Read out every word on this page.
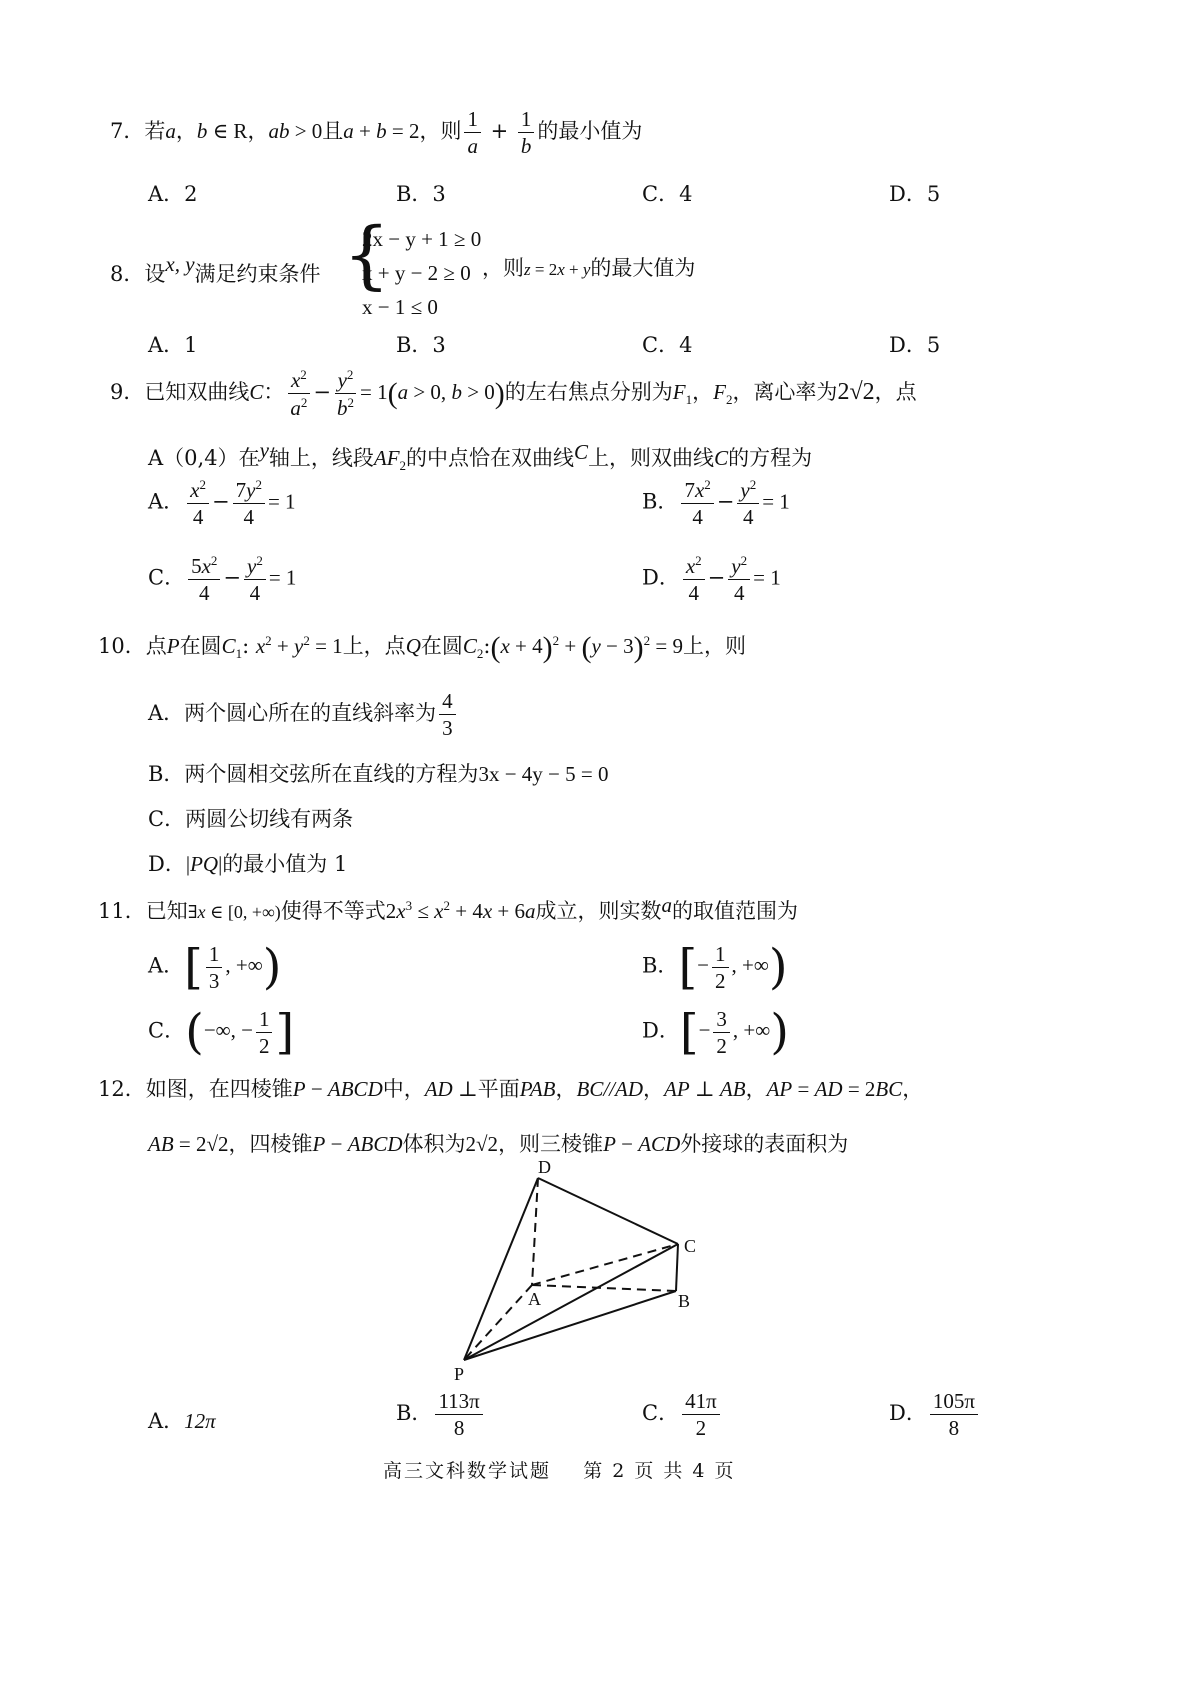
7．若a，b ∈ R，ab > 0且a + b = 2，则 $\frac{1}{a} + \frac{1}{b}$ 的最小值为
A．2	B．3	C．4	D．5
8．设x, y满足约束条件 {
2x − y + 1 ≥ 0
x + y − 2 ≥ 0
x − 1 ≤ 0
，则z = 2x + y的最大值为
A．1	B．3	C．4	D．5
9．已知双曲线C： $\frac{x^2}{a^2} - \frac{y^2}{b^2} = 1(a > 0$, b > 0)的左右焦点分别为$F_1$，$F_2$，离心率为2√2，点
A（0,4）在y轴上，线段$AF_2$的中点恰在双曲线C上，则双曲线C的方程为
A． $\frac{x^2}{4} - \frac{7y^2}{4} = 1$	B． $\frac{7x^2}{4} - \frac{y^2}{4} = 1$
C． $\frac{5x^2}{4} - \frac{y^2}{4} = 1$	D． $\frac{x^2}{4} - \frac{y^2}{4} = 1$
10．点P在圆$C_1$: $x^2 + y^2 = 1$上，点Q在圆$C_2:(x + 4)^2 + (y - 3)^2 = 9$上，则
A．两个圆心所在的直线斜率为 $\frac{4}{3}$
B．两个圆相交弦所在直线的方程为3x − 4y − 5 = 0
C．两圆公切线有两条
D．|PQ|的最小值为 1
11．已知∃x ∈ [0, +∞)使得不等式$2x^3 \le x^2 + 4x + 6a$成立，则实数a的取值范围为
A．[ $\frac{1}{3}$ , +∞)	B．[− $\frac{1}{2}$ , +∞)
C．(−∞, − $\frac{1}{2}$ ]	D．[− $\frac{3}{2}$ , +∞)
12．如图，在四棱锥P − ABCD中，AD ⊥平面PAB，BC//AD，AP ⊥ AB，AP = AD = 2BC，
AB = 2√2，四棱锥P − ABCD体积为2√2，则三棱锥P − ACD外接球的表面积为
D
C
A	B
P
A．12π	B． $\frac{113\pi}{8}$	C． $\frac{41\pi}{2}$	D． $\frac{105\pi}{8}$
高三文科数学试题 第 2 页 共 4 页
